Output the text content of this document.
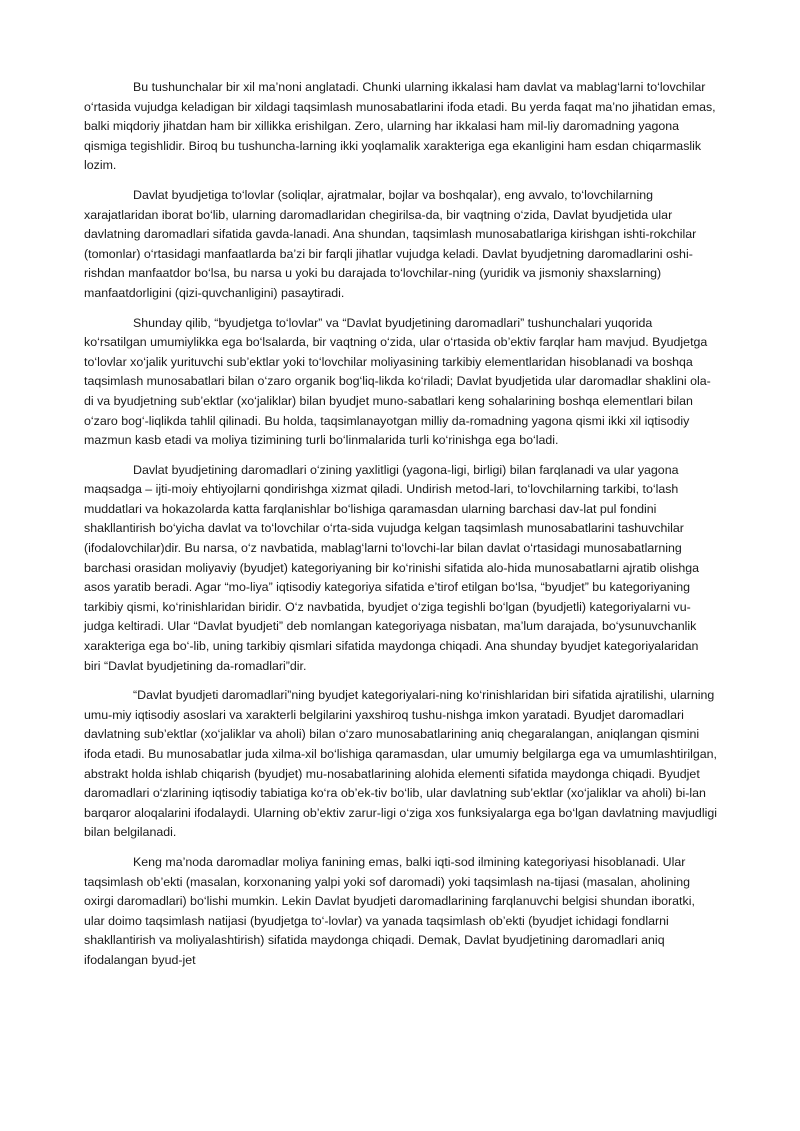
Bu tushunchalar bir xil ma’noni anglatadi. Chunki ularning ikkalasi ham davlat va mablag‘larni to‘lovchilar o‘rtasida vujudga keladigan bir xildagi taqsimlash munosabatlarini ifoda etadi. Bu yerda faqat ma’no jihatidan emas, balki miqdoriy jihatdan ham bir xillikka erishilgan. Zero, ularning har ikkalasi ham mil-liy daromadning yagona qismiga tegishlidir. Biroq bu tushuncha-larning ikki yoqlamalik xarakteriga ega ekanligini ham esdan chiqarmaslik lozim.

Davlat byudjetiga to‘lovlar (soliqlar, ajratmalar, bojlar va boshqalar), eng avvalo, to‘lovchilarning xarajatlaridan iborat bo‘lib, ularning daromadlaridan chegirilsa-da, bir vaqtning o‘zida, Davlat byudjetida ular davlatning daromadlari sifatida gavda-lanadi. Ana shundan, taqsimlash munosabatlariga kirishgan ishti-rokchilar (tomonlar) o‘rtasidagi manfaatlarda ba’zi bir farqli jihatlar vujudga keladi. Davlat byudjetning daromadlarini oshi-rishdan manfaatdor bo‘lsa, bu narsa u yoki bu darajada to‘lovchilar-ning (yuridik va jismoniy shaxslarning) manfaatdorligini (qizi-quvchanligini) pasaytiradi.

Shunday qilib, “byudjetga to‘lovlar” va “Davlat byudjetining daromadlari” tushunchalari yuqorida ko‘rsatilgan umumiylikka ega bo‘lsalarda, bir vaqtning o‘zida, ular o‘rtasida ob’ektiv farqlar ham mavjud. Byudjetga to‘lovlar xo‘jalik yurituvchi sub’ektlar yoki to‘lovchilar moliyasining tarkibiy elementlaridan hisoblanadi va boshqa taqsimlash munosabatlari bilan o‘zaro organik bog‘liq-likda ko‘riladi; Davlat byudjetida ular daromadlar shaklini ola-di va byudjetning sub’ektlar (xo‘jaliklar) bilan byudjet muno-sabatlari keng sohalarining boshqa elementlari bilan o‘zaro bog‘-liqlikda tahlil qilinadi. Bu holda, taqsimlanayotgan milliy da-romadning yagona qismi ikki xil iqtisodiy mazmun kasb etadi va moliya tizimining turli bo‘linmalarida turli ko‘rinishga ega bo‘ladi.

Davlat byudjetining daromadlari o‘zining yaxlitligi (yagona-ligi, birligi) bilan farqlanadi va ular yagona maqsadga – ijti-moiy ehtiyojlarni qondirishga xizmat qiladi. Undirish metod-lari, to‘lovchilarning tarkibi, to‘lash muddatlari va hokazolarda katta farqlanishlar bo‘lishiga qaramasdan ularning barchasi dav-lat pul fondini shakllantirish bo‘yicha davlat va to‘lovchilar o‘rta-sida vujudga kelgan taqsimlash munosabatlarini tashuvchilar (ifodalovchilar)dir. Bu narsa, o‘z navbatida, mablag‘larni to‘lovchi-lar bilan davlat o‘rtasidagi munosabatlarning barchasi orasidan moliyaviy (byudjet) kategoriyaning bir ko‘rinishi sifatida alo-hida munosabatlarni ajratib olishga asos yaratib beradi. Agar “mo-liya” iqtisodiy kategoriya sifatida e’tirof etilgan bo‘lsa, “byudjet” bu kategoriyaning tarkibiy qismi, ko‘rinishlaridan biridir. O‘z navbatida, byudjet o‘ziga tegishli bo‘lgan (byudjetli) kategoriyalarni vu-judga keltiradi. Ular “Davlat byudjeti” deb nomlangan kategoriyaga nisbatan, ma’lum darajada, bo‘ysunuvchanlik xarakteriga ega bo‘-lib, uning tarkibiy qismlari sifatida maydonga chiqadi. Ana shunday byudjet kategoriyalaridan biri “Davlat byudjetining da-romadlari”dir.

“Davlat byudjeti daromadlari”ning byudjet kategoriyalari-ning ko‘rinishlaridan biri sifatida ajratilishi, ularning umu-miy iqtisodiy asoslari va xarakterli belgilarini yaxshiroq tushu-nishga imkon yaratadi. Byudjet daromadlari davlatning sub’ektlar (xo‘jaliklar va aholi) bilan o‘zaro munosabatlarining aniq chegaralangan, aniqlangan qismini ifoda etadi. Bu munosabatlar juda xilma-xil bo‘lishiga qaramasdan, ular umumiy belgilarga ega va umumlashtirilgan, abstrakt holda ishlab chiqarish (byudjet) mu-nosabatlarining alohida elementi sifatida maydonga chiqadi. Byudjet daromadlari o‘zlarining iqtisodiy tabiatiga ko‘ra ob’ek-tiv bo‘lib, ular davlatning sub’ektlar (xo‘jaliklar va aholi) bi-lan barqaror aloqalarini ifodalaydi. Ularning ob’ektiv zarur-ligi o‘ziga xos funksiyalarga ega bo‘lgan davlatning mavjudligi bilan belgilanadi.

Keng ma’noda daromadlar moliya fanining emas, balki iqti-sod ilmining kategoriyasi hisoblanadi. Ular taqsimlash ob’ekti (masalan, korxonaning yalpi yoki sof daromadi) yoki taqsimlash na-tijasi (masalan, aholining oxirgi daromadlari) bo‘lishi mumkin. Lekin Davlat byudjeti daromadlarining farqlanuvchi belgisi shundan iboratki, ular doimo taqsimlash natijasi (byudjetga to‘-lovlar) va yanada taqsimlash ob’ekti (byudjet ichidagi fondlarni shakllantirish va moliyalashtirish) sifatida maydonga chiqadi. Demak, Davlat byudjetining daromadlari aniq ifodalangan byud-jet
